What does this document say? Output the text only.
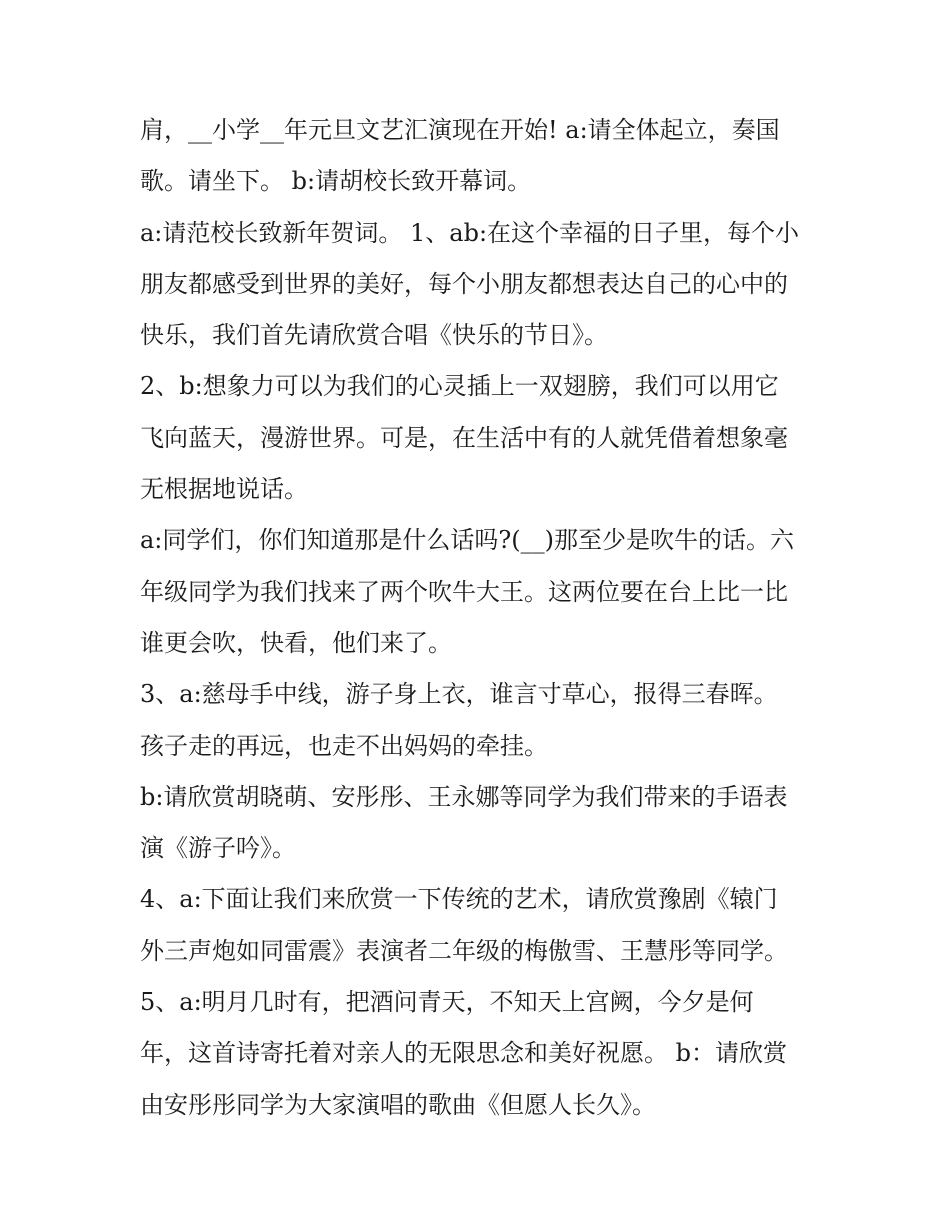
肩，__小学__年元旦文艺汇演现在开始! a:请全体起立，奏国
歌。请坐下。 b:请胡校长致开幕词。
a:请范校长致新年贺词。 1、ab:在这个幸福的日子里，每个小
朋友都感受到世界的美好，每个小朋友都想表达自己的心中的
快乐，我们首先请欣赏合唱《快乐的节日》。
2、b:想象力可以为我们的心灵插上一双翅膀，我们可以用它
飞向蓝天，漫游世界。可是，在生活中有的人就凭借着想象毫
无根据地说话。
a:同学们，你们知道那是什么话吗?(__)那至少是吹牛的话。六
年级同学为我们找来了两个吹牛大王。这两位要在台上比一比
谁更会吹，快看，他们来了。
3、a:慈母手中线，游子身上衣，谁言寸草心，报得三春晖。
孩子走的再远，也走不出妈妈的牵挂。
b:请欣赏胡晓萌、安彤彤、王永娜等同学为我们带来的手语表
演《游子吟》。
4、a:下面让我们来欣赏一下传统的艺术，请欣赏豫剧《辕门
外三声炮如同雷震》表演者二年级的梅傲雪、王慧彤等同学。
5、a:明月几时有，把酒问青天，不知天上宫阙，今夕是何
年，这首诗寄托着对亲人的无限思念和美好祝愿。 b：请欣赏
由安彤彤同学为大家演唱的歌曲《但愿人长久》。
